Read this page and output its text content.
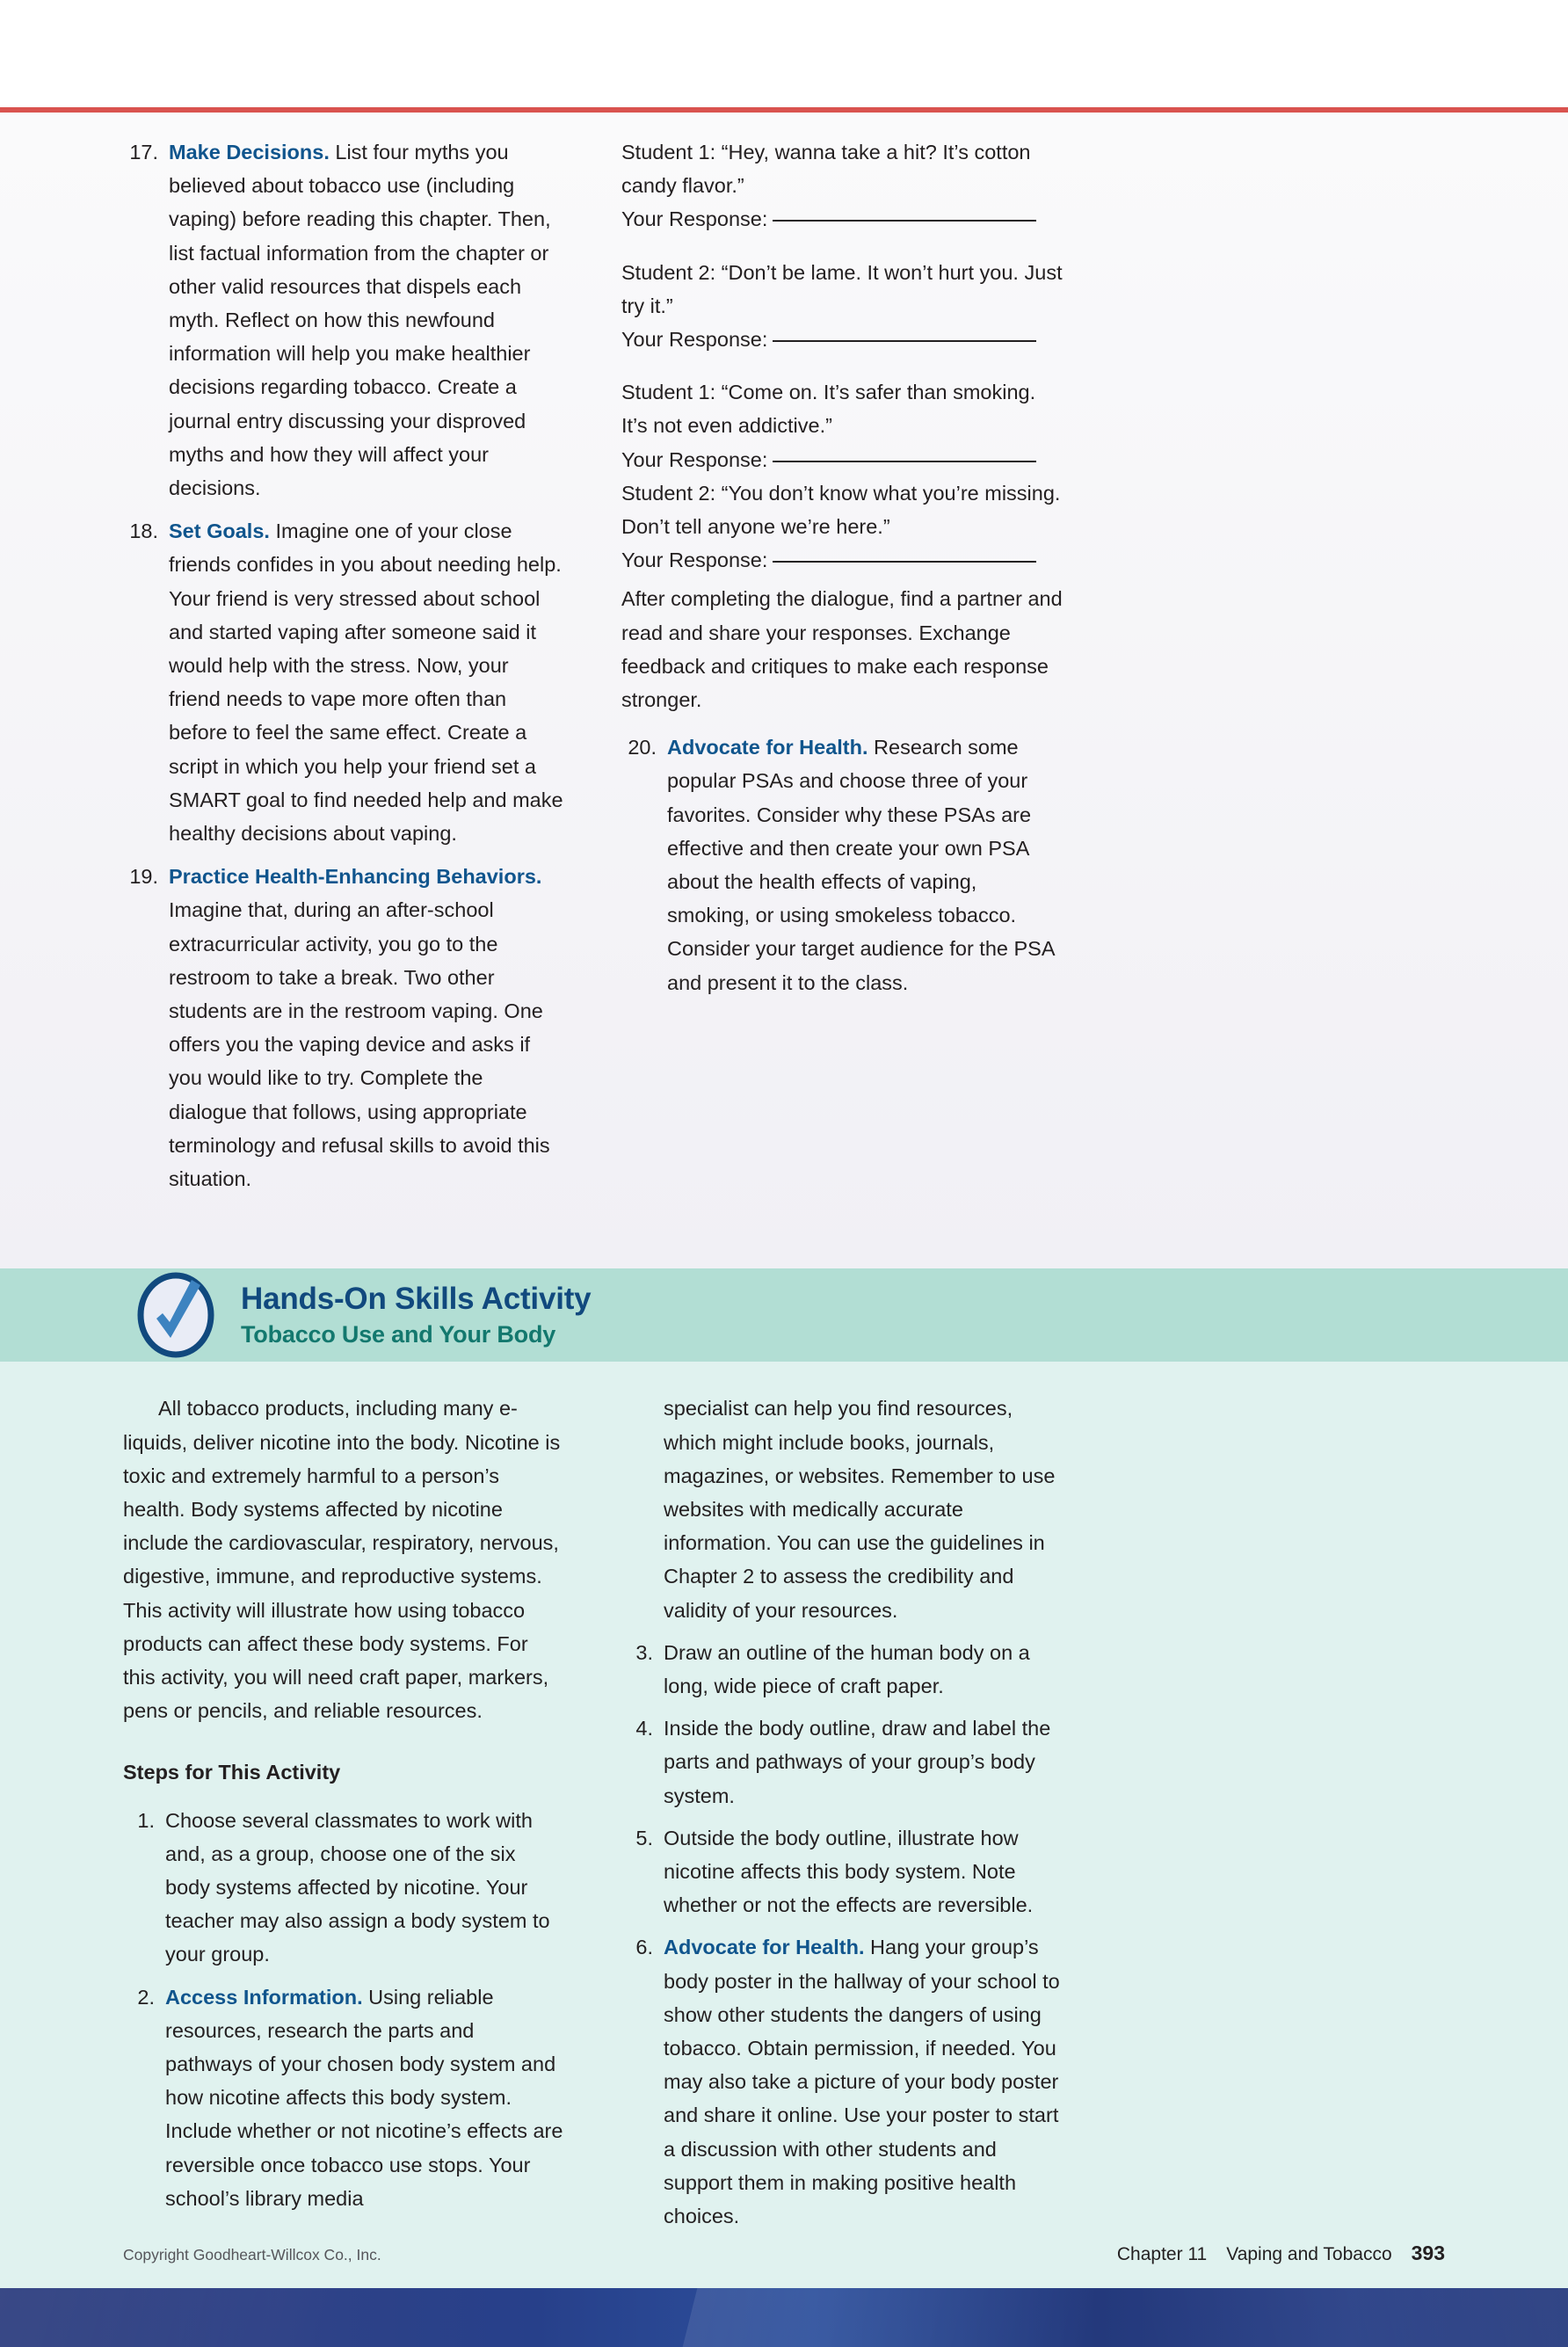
17. Make Decisions. List four myths you believed about tobacco use (including vaping) before reading this chapter. Then, list factual information from the chapter or other valid resources that dispels each myth. Reflect on how this newfound information will help you make healthier decisions regarding tobacco. Create a journal entry discussing your disproved myths and how they will affect your decisions.
18. Set Goals. Imagine one of your close friends confides in you about needing help. Your friend is very stressed about school and started vaping after someone said it would help with the stress. Now, your friend needs to vape more often than before to feel the same effect. Create a script in which you help your friend set a SMART goal to find needed help and make healthy decisions about vaping.
19. Practice Health-Enhancing Behaviors. Imagine that, during an after-school extracurricular activity, you go to the restroom to take a break. Two other students are in the restroom vaping. One offers you the vaping device and asks if you would like to try. Complete the dialogue that follows, using appropriate terminology and refusal skills to avoid this situation.
Student 1: “Hey, wanna take a hit? It’s cotton candy flavor.”
Your Response:
Student 2: “Don’t be lame. It won’t hurt you. Just try it.”
Your Response:
Student 1: “Come on. It’s safer than smoking. It’s not even addictive.”
Your Response:
Student 2: “You don’t know what you’re missing. Don’t tell anyone we’re here.”
Your Response:
After completing the dialogue, find a partner and read and share your responses. Exchange feedback and critiques to make each response stronger.
20. Advocate for Health. Research some popular PSAs and choose three of your favorites. Consider why these PSAs are effective and then create your own PSA about the health effects of vaping, smoking, or using smokeless tobacco. Consider your target audience for the PSA and present it to the class.
Hands-On Skills Activity
Tobacco Use and Your Body

All tobacco products, including many e-liquids, deliver nicotine into the body. Nicotine is toxic and extremely harmful to a person’s health. Body systems affected by nicotine include the cardiovascular, respiratory, nervous, digestive, immune, and reproductive systems. This activity will illustrate how using tobacco products can affect these body systems. For this activity, you will need craft paper, markers, pens or pencils, and reliable resources.

Steps for This Activity
1. Choose several classmates to work with and, as a group, choose one of the six body systems affected by nicotine. Your teacher may also assign a body system to your group.
2. Access Information. Using reliable resources, research the parts and pathways of your chosen body system and how nicotine affects this body system. Include whether or not nicotine’s effects are reversible once tobacco use stops. Your school’s library media

specialist can help you find resources, which might include books, journals, magazines, or websites. Remember to use websites with medically accurate information. You can use the guidelines in Chapter 2 to assess the credibility and validity of your resources.

3. Draw an outline of the human body on a long, wide piece of craft paper.
4. Inside the body outline, draw and label the parts and pathways of your group’s body system.
5. Outside the body outline, illustrate how nicotine affects this body system. Note whether or not the effects are reversible.
6. Advocate for Health. Hang your group’s body poster in the hallway of your school to show other students the dangers of using tobacco. Obtain permission, if needed. You may also take a picture of your body poster and share it online. Use your poster to start a discussion with other students and support them in making positive health choices.
Copyright Goodheart-Willcox Co., Inc.	Chapter 11 Vaping and Tobacco 393
